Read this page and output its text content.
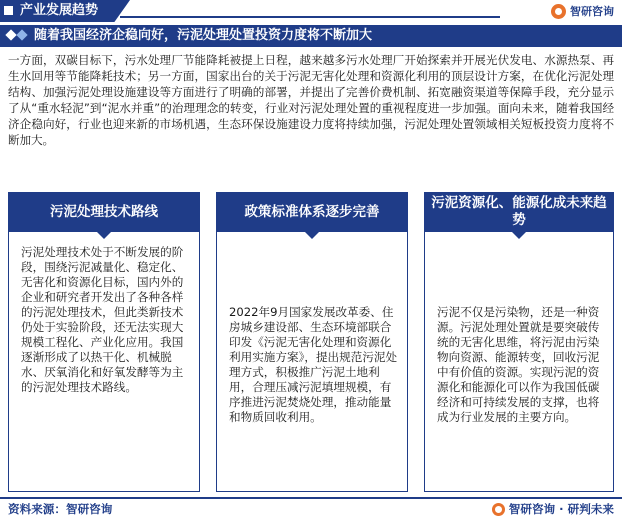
产业发展趋势	智研咨询
随着我国经济企稳向好，污泥处理处置投资力度将不断加大
一方面，双碳目标下，污水处理厂节能降耗被提上日程，越来越多污水处理厂开始探索并开展光伏发电、水源热泵、再生水回用等节能降耗技术；另一方面，国家出台的关于污泥无害化处理和资源化利用的顶层设计方案，在优化污泥处理结构、加强污泥处理设施建设等方面进行了明确的部署，并提出了完善价费机制、拓宽融资渠道等保障手段，充分显示了从“重水轻泥”到“泥水并重”的治理理念的转变，行业对污泥处理处置的重视程度进一步加强。面向未来，随着我国经济企稳向好，行业也迎来新的市场机遇，生态环保设施建设力度将持续加强，污泥处理处置领域相关短板投资力度将不断加大。
污泥处理技术路线
污泥处理技术处于不断发展的阶段，围绕污泥减量化、稳定化、无害化和资源化目标，国内外的企业和研究者开发出了各种各样的污泥处理技术，但此类新技术仍处于实验阶段，还无法实现大规模工程化、产业化应用。我国逐渐形成了以热干化、机械脱水、厌氧消化和好氧发酵等为主的污泥处理技术路线。
政策标准体系逐步完善
2022年9月国家发展改革委、住房城乡建设部、生态环境部联合印发《污泥无害化处理和资源化利用实施方案》，提出规范污泥处理方式，积极推广污泥土地利用，合理压减污泥填埋规模，有序推进污泥焚烧处理，推动能量和物质回收利用。
污泥资源化、能源化成未来趋势
污泥不仅是污染物，还是一种资源。污泥处理处置就是要突破传统的无害化思维，将污泥由污染物向资源、能源转变，回收污泥中有价值的资源。实现污泥的资源化和能源化可以作为我国低碳经济和可持续发展的支撑，也将成为行业发展的主要方向。
资料来源：智研咨询	智研咨询 · 研判未来
